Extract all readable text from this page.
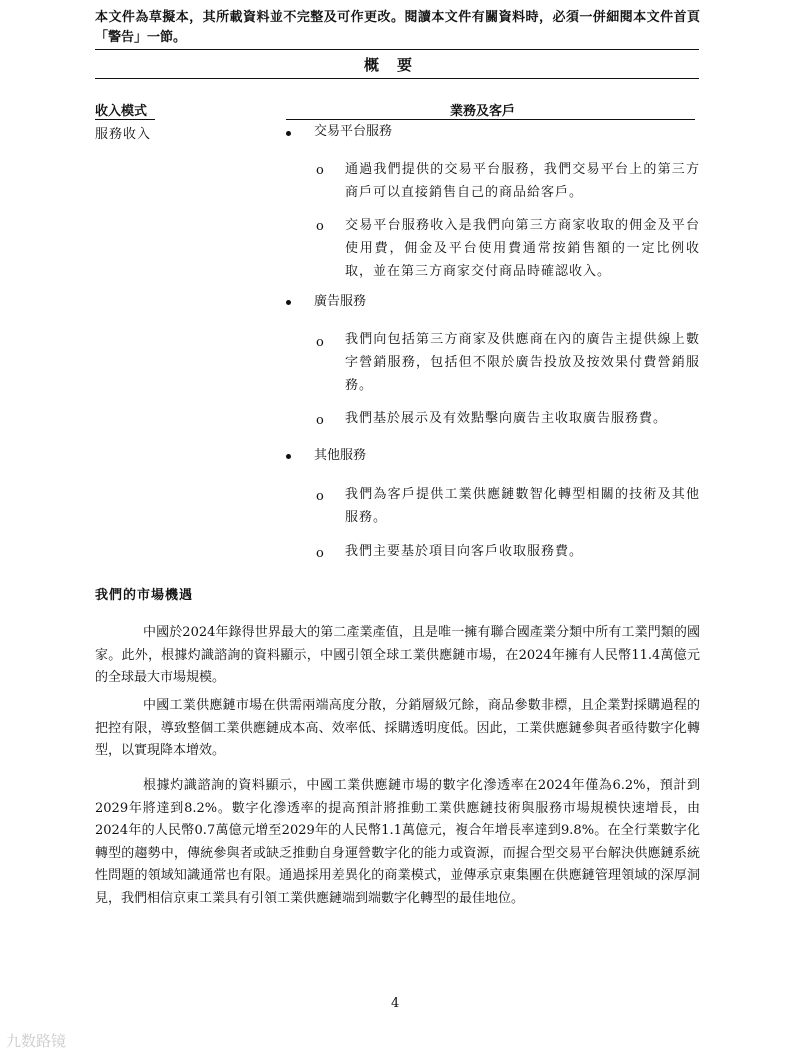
本文件為草擬本，其所載資料並不完整及可作更改。閱讀本文件有關資料時，必須一併細閱本文件首頁「警告」一節。
概要
收入模式	業務及客戶
服務收入	交易平台服務
o 通過我們提供的交易平台服務，我們交易平台上的第三方商戶可以直接銷售自己的商品給客戶。
o 交易平台服務收入是我們向第三方商家收取的佣金及平台使用費，佣金及平台使用費通常按銷售額的一定比例收取，並在第三方商家交付商品時確認收入。
廣告服務
o 我們向包括第三方商家及供應商在內的廣告主提供線上數字營銷服務，包括但不限於廣告投放及按效果付費營銷服務。
o 我們基於展示及有效點擊向廣告主收取廣告服務費。
其他服務
o 我們為客戶提供工業供應鏈數智化轉型相關的技術及其他服務。
o 我們主要基於項目向客戶收取服務費。
我們的市場機遇
中國於2024年錄得世界最大的第二產業產值，且是唯一擁有聯合國產業分類中所有工業門類的國家。此外，根據灼識諮詢的資料顯示，中國引領全球工業供應鏈市場，在2024年擁有人民幣11.4萬億元的全球最大市場規模。
中國工業供應鏈市場在供需兩端高度分散，分銷層級冗餘，商品參數非標，且企業對採購過程的把控有限，導致整個工業供應鏈成本高、效率低、採購透明度低。因此，工業供應鏈參與者亟待數字化轉型，以實現降本增效。
根據灼識諮詢的資料顯示，中國工業供應鏈市場的數字化滲透率在2024年僅為6.2%，預計到2029年將達到8.2%。數字化滲透率的提高預計將推動工業供應鏈技術與服務市場規模快速增長，由2024年的人民幣0.7萬億元增至2029年的人民幣1.1萬億元，複合年增長率達到9.8%。在全行業數字化轉型的趨勢中，傳統參與者或缺乏推動自身運營數字化的能力或資源，而握合型交易平台解決供應鏈系統性問題的領域知識通常也有限。通過採用差異化的商業模式，並傳承京東集團在供應鏈管理領域的深厚洞見，我們相信京東工業具有引領工業供應鏈端到端數字化轉型的最佳地位。
4
九数路镜
